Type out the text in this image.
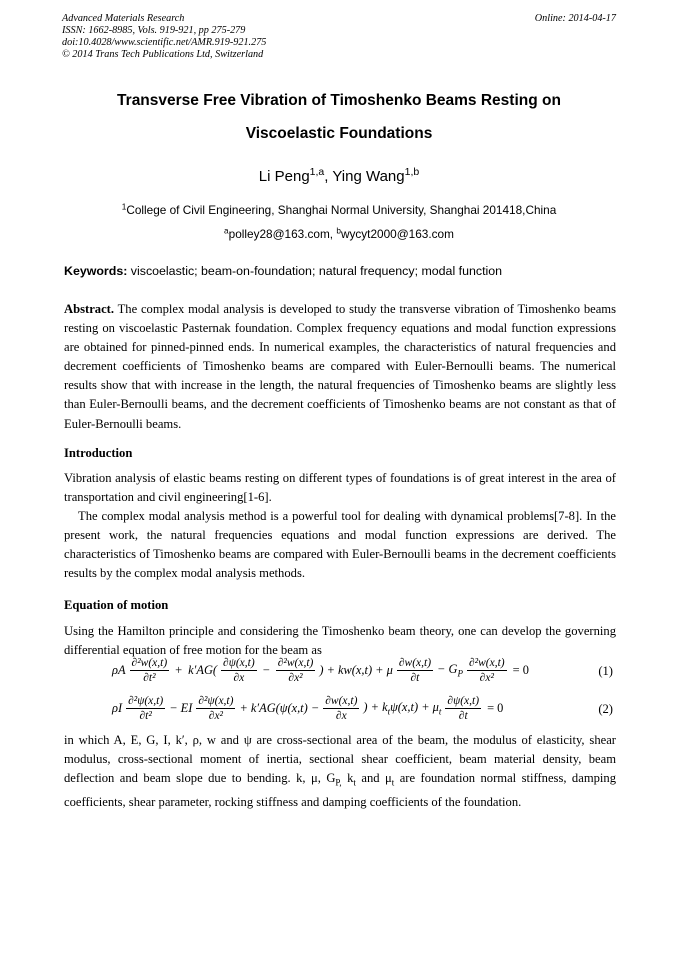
Advanced Materials Research
ISSN: 1662-8985, Vols. 919-921, pp 275-279
doi:10.4028/www.scientific.net/AMR.919-921.275
© 2014 Trans Tech Publications Ltd, Switzerland
Online: 2014-04-17
Transverse Free Vibration of Timoshenko Beams Resting on
Viscoelastic Foundations
Li Peng$^{1,a}$, Ying Wang$^{1,b}$
$^1$College of Civil Engineering, Shanghai Normal University, Shanghai 201418,China
$^a$polley28@163.com, $^b$wycyt2000@163.com
Keywords: viscoelastic; beam-on-foundation; natural frequency; modal function
Abstract. The complex modal analysis is developed to study the transverse vibration of Timoshenko beams resting on viscoelastic Pasternak foundation. Complex frequency equations and modal function expressions are obtained for pinned-pinned ends. In numerical examples, the characteristics of natural frequencies and decrement coefficients of Timoshenko beams are compared with Euler-Bernoulli beams. The numerical results show that with increase in the length, the natural frequencies of Timoshenko beams are slightly less than Euler-Bernoulli beams, and the decrement coefficients of Timoshenko beams are not constant as that of Euler-Bernoulli beams.
Introduction
Vibration analysis of elastic beams resting on different types of foundations is of great interest in the area of transportation and civil engineering[1-6].
The complex modal analysis method is a powerful tool for dealing with dynamical problems[7-8]. In the present work, the natural frequencies equations and modal function expressions are derived. The characteristics of Timoshenko beams are compared with Euler-Bernoulli beams in the decrement coefficients results by the complex modal analysis methods.
Equation of motion
Using the Hamilton principle and considering the Timoshenko beam theory, one can develop the governing differential equation of free motion for the beam as
ρA $\frac{\text{∂²w(x,t)}}{\text{∂t²}} + k'AG( \frac{\partial\psi(x,t)}{\partial x} - \frac{\text{∂²w(x,t)}}{\text{∂x²}}$ ) + kw(x,t) + μ $\frac{\partial w(x,t)}{\partial t} - G_P \frac{\text{∂²w(x,t)}}{\text{∂x²}} = 0$	(1)
ρI $\frac{\text{∂²ψ(x,t)}}{\text{∂t²}}$ − EI $\frac{\text{∂²ψ(x,t)}}{\text{∂x²}} + k'AG(\psi(x,t) - \frac{\partial w(x,t)}{\partial x}$ ) + $k_t\psi(x,t) + \mu_t \frac{\partial\psi(x,t)}{\partial t} = 0$	(2)
in which A, E, G, I, k′, ρ, w and ψ are cross-sectional area of the beam, the modulus of elasticity, shear modulus, cross-sectional moment of inertia, sectional shear coefficient, beam material density, beam deflection and beam slope due to bending. k, μ, $G_{P,}$ $k_t$ and $\mu_t$ are foundation normal stiffness, damping coefficients, shear parameter, rocking stiffness and damping coefficients of the foundation.
